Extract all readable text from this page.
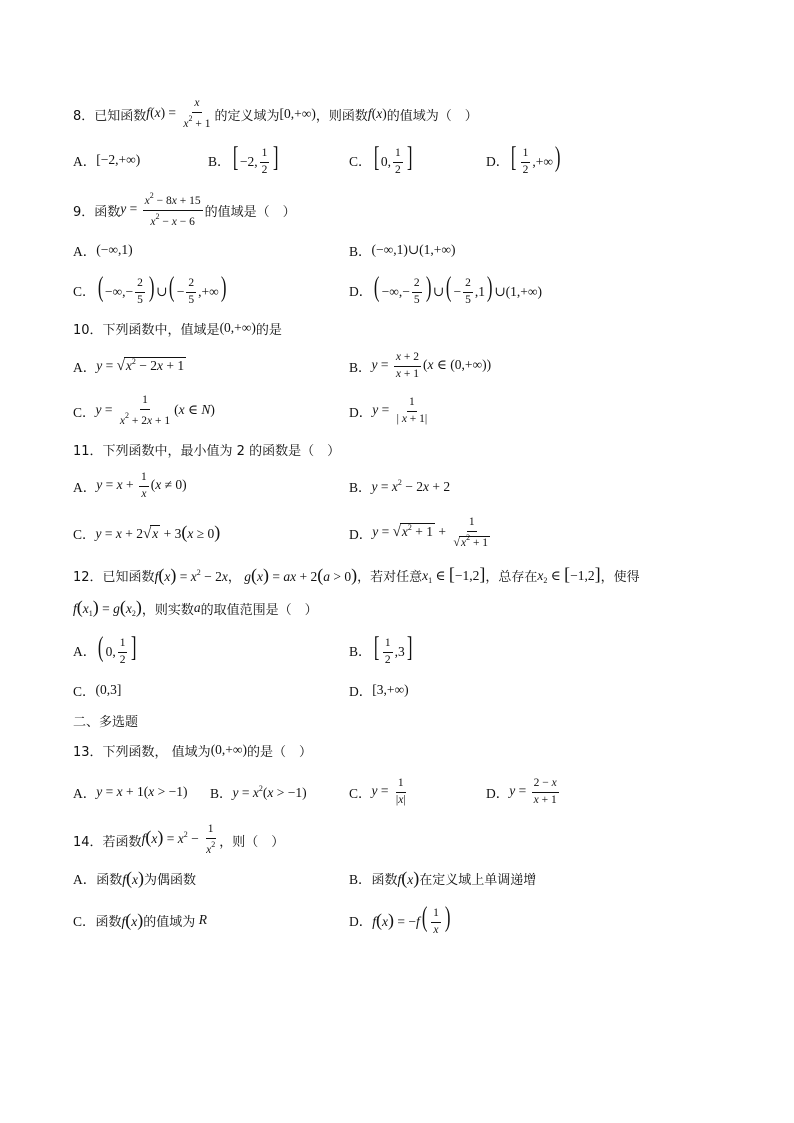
8． 已知函数 $f(x) = \frac{x}{x^2 + 1}$ 的定义域为 [0,+∞) ，则函数 f(x) 的值域为（　）
A． [−2,+∞)	B． [ −2, $\frac{1}{2}$ ]	C． [ 0, $\frac{1}{2}$ ]	D． [ $\frac{1}{2}$ ,+∞)
9． 函数 $y = \frac{x^2 - 8x + 15}{x^2 - x - 6}$ 的值域是（　）
A． (−∞,1)	B． (−∞,1)∪(1,+∞)
C． ( −∞,− $\frac{2}{5}$ ) ∪( − $\frac{2}{5}$ ,+∞)	D． ( −∞,− $\frac{2}{5}$ ) ∪( − $\frac{2}{5} ,1$) ∪(1,+∞)
10． 下列函数中，值域是 (0,+∞) 的是
A． $y = √x^2 - 2x + 1$	B． $y = \frac{x + 2}{x + 1} (x$ ∈ (0,+∞))
C． $y = \frac{1}{x^2 + 2x + 1} (x$ ∈ N)	D． $y = \frac{1}{| x + 1|}$
11． 下列函数中，最小值为 2 的函数是（　）
A． $y = x + \frac{1}{x} (x \ne 0)$	B． $y = x^2 - 2x + 2$
C． y = x + 2√x + 3(x ≥ 0)	D． $y = √x^2 + 1 + \frac{1}{√x^2 + 1}$
12． 已知函数 $f(x) = x^2 - 2x$ ， g(x) = ax + 2(a > 0) ，若对任意 $x_1$ ∈ [−1,2] ，总存在 $x_2$ ∈ [−1,2] ，使得
$f(x_1) = g(x_2)$ ，则实数 a 的取值范围是（　）
A． ( 0, $\frac{1}{2}$ ]	B． [ $\frac{1}{2} ,3$]
C． (0,3]	D． [3,+∞)
二、多选题
13． 下列函数， 值域为 (0,+∞) 的是（　）
A． y = x + 1(x > −1) B． $y = x^2(x > -1)$	C． $y = \frac{1}{|x|}$	D． $y = \frac{2 - x}{x + 1}$
14． 若函数 $f(x) = x^2 - \frac{1}{x^2}$ ，则（　）
A． 函数 f(x) 为偶函数	B． 函数 f(x) 在定义域上单调递增
C． 函数 f(x) 的值域为 R	D． $f(x) = -f( \frac{1}{x}$ )
